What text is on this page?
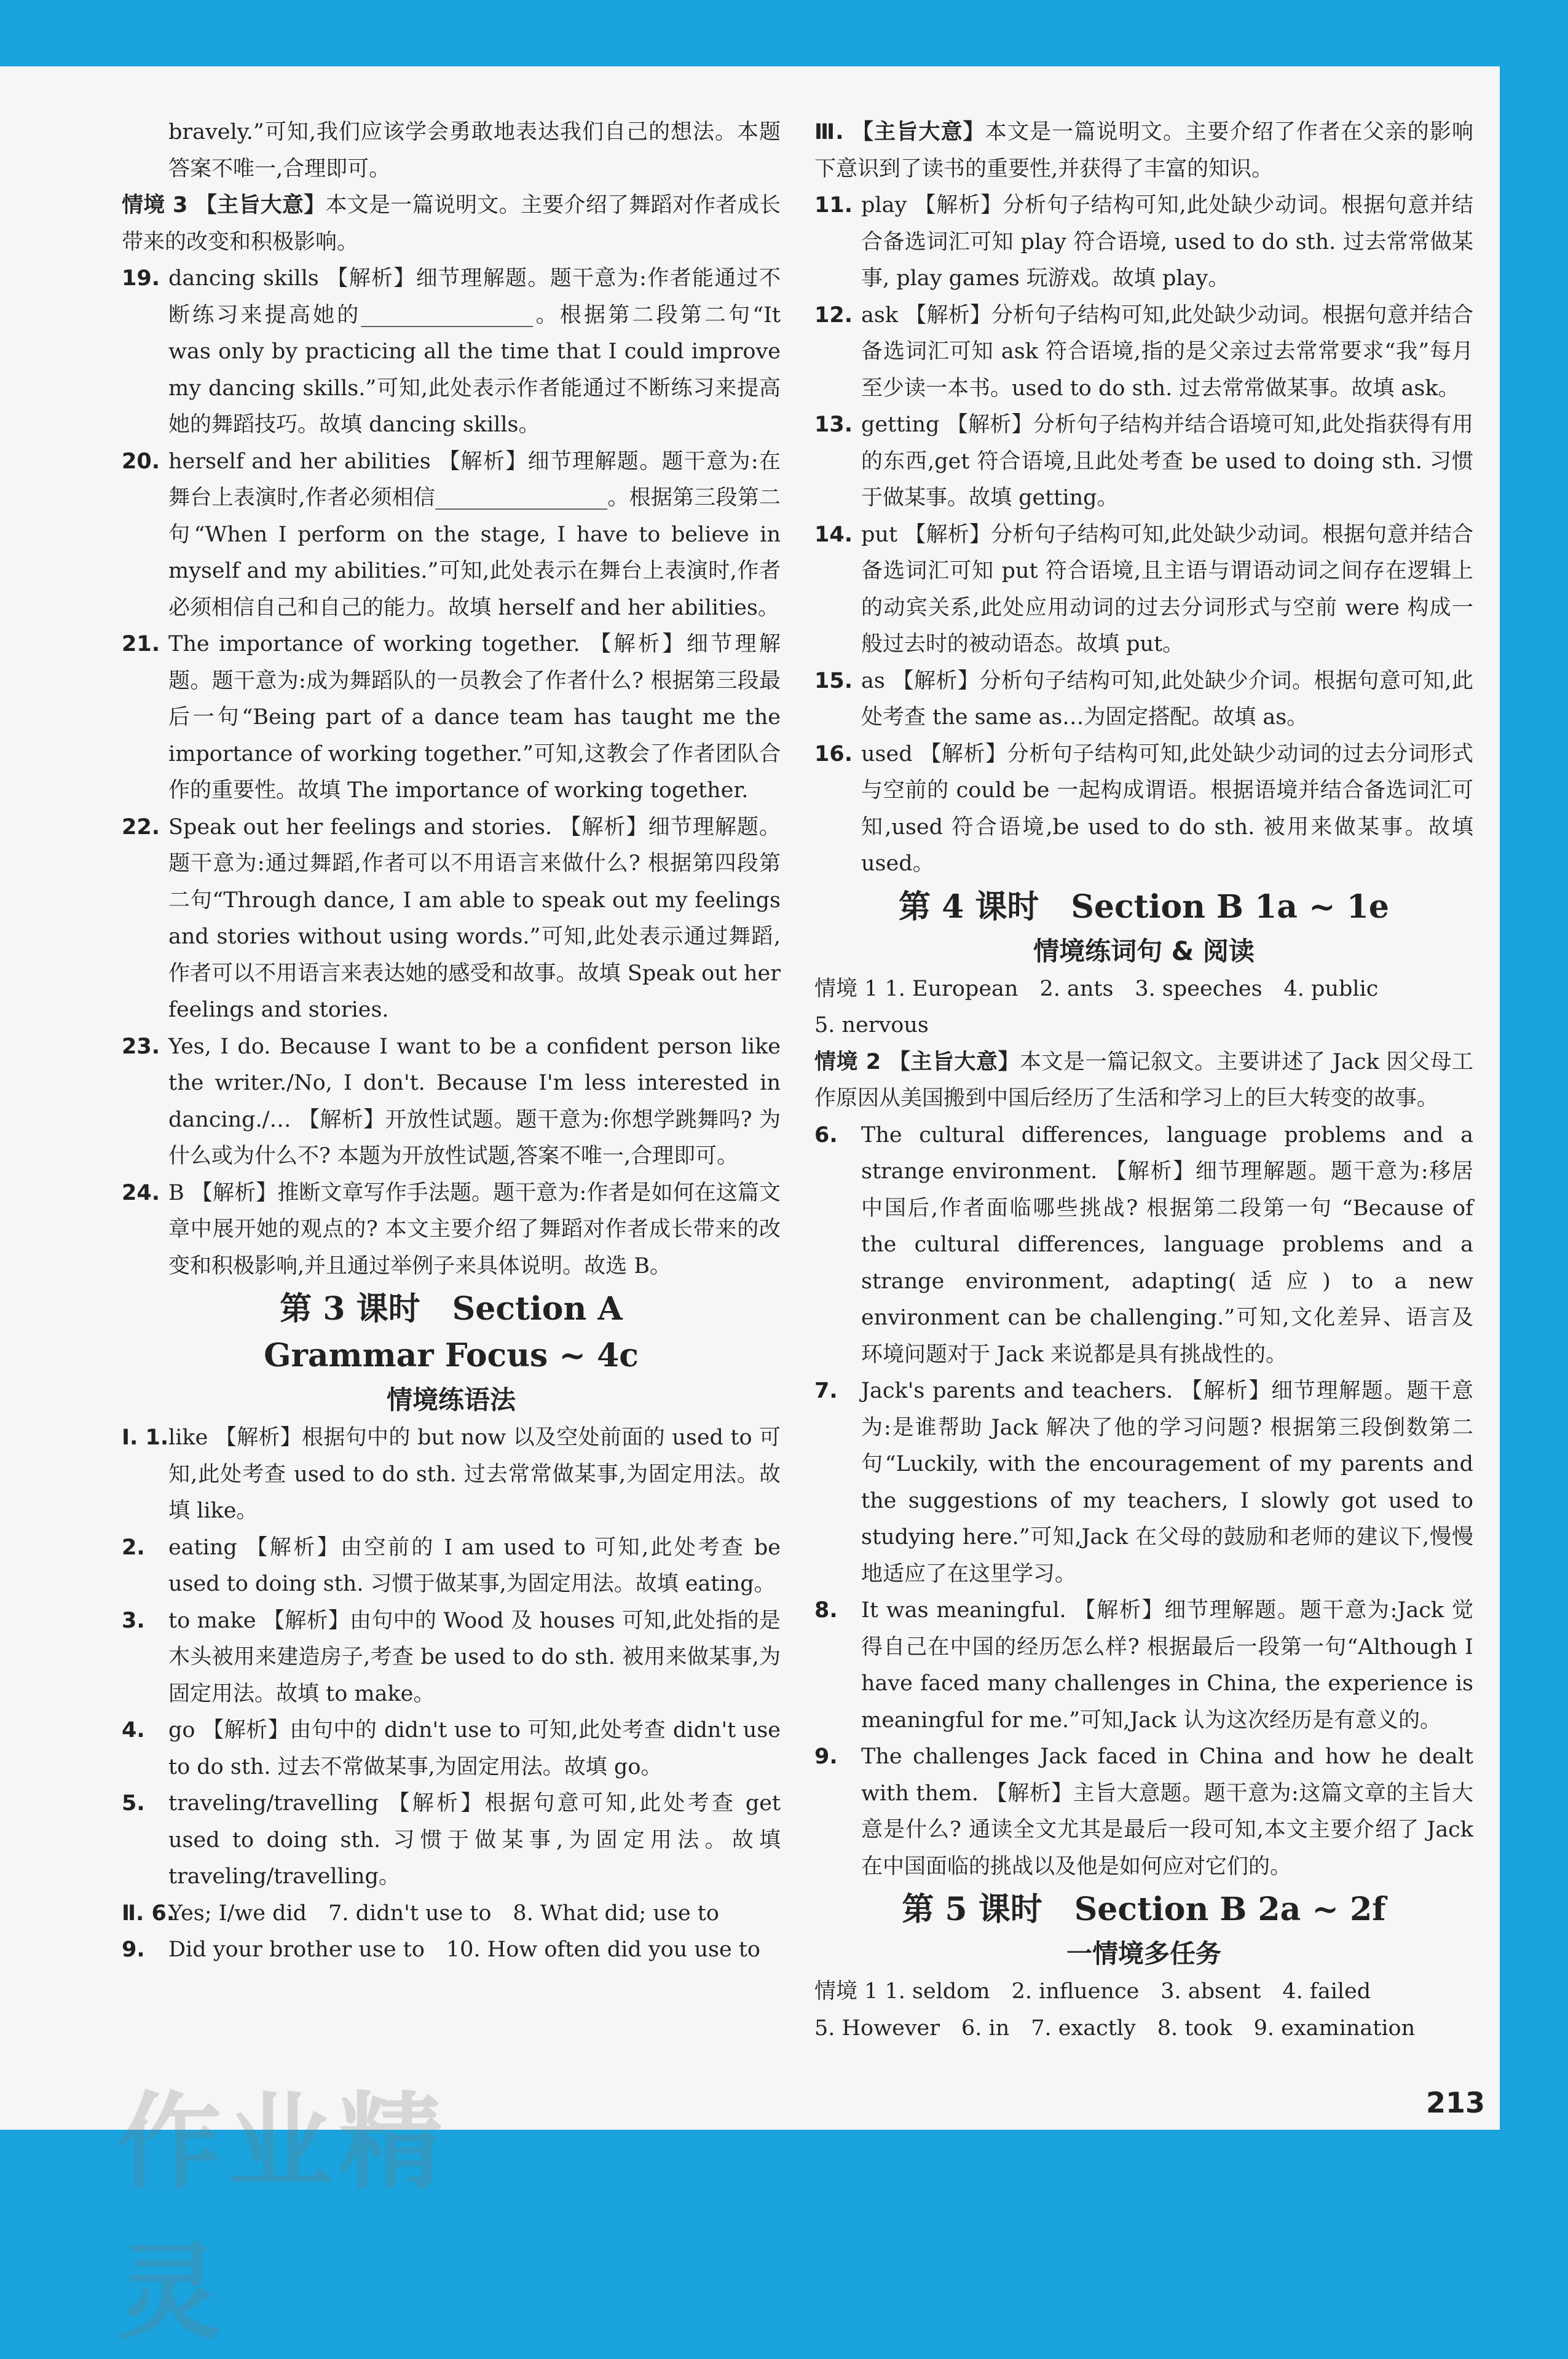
bravely.”可知,我们应该学会勇敢地表达我们自己的想法。本题答案不唯一,合理即可。

情境 3 【主旨大意】本文是一篇说明文。主要介绍了舞蹈对作者成长带来的改变和积极影响。

19. dancing skills 【解析】细节理解题。题干意为:作者能通过不断练习来提高她的________________。根据第二段第二句“It was only by practicing all the time that I could improve my dancing skills.”可知,此处表示作者能通过不断练习来提高她的舞蹈技巧。故填 dancing skills。

20. herself and her abilities 【解析】细节理解题。题干意为:在舞台上表演时,作者必须相信________________。根据第三段第二句“When I perform on the stage, I have to believe in myself and my abilities.”可知,此处表示在舞台上表演时,作者必须相信自己和自己的能力。故填 herself and her abilities。

21. The importance of working together. 【解析】细节理解题。题干意为:成为舞蹈队的一员教会了作者什么? 根据第三段最后一句“Being part of a dance team has taught me the importance of working together.”可知,这教会了作者团队合作的重要性。故填 The importance of working together.

22. Speak out her feelings and stories. 【解析】细节理解题。题干意为:通过舞蹈,作者可以不用语言来做什么? 根据第四段第二句“Through dance, I am able to speak out my feelings and stories without using words.”可知,此处表示通过舞蹈,作者可以不用语言来表达她的感受和故事。故填 Speak out her feelings and stories.

23. Yes, I do. Because I want to be a confident person like the writer./No, I don't. Because I'm less interested in dancing./… 【解析】开放性试题。题干意为:你想学跳舞吗? 为什么或为什么不? 本题为开放性试题,答案不唯一,合理即可。

24. B 【解析】推断文章写作手法题。题干意为:作者是如何在这篇文章中展开她的观点的? 本文主要介绍了舞蹈对作者成长带来的改变和积极影响,并且通过举例子来具体说明。故选 B。

第 3 课时　Section A
Grammar Focus ~ 4c
情境练语法

Ⅰ. 1. like 【解析】根据句中的 but now 以及空处前面的 used to 可知,此处考查 used to do sth. 过去常常做某事,为固定用法。故填 like。

2. eating 【解析】由空前的 I am used to 可知,此处考查 be used to doing sth. 习惯于做某事,为固定用法。故填 eating。

3. to make 【解析】由句中的 Wood 及 houses 可知,此处指的是木头被用来建造房子,考查 be used to do sth. 被用来做某事,为固定用法。故填 to make。

4. go 【解析】由句中的 didn't use to 可知,此处考查 didn't use to do sth. 过去不常做某事,为固定用法。故填 go。

5. traveling/travelling 【解析】根据句意可知,此处考查 get used to doing sth. 习惯于做某事,为固定用法。故填 traveling/travelling。

Ⅱ. 6.
Yes; I/we did　7. didn't use to　8. What did; use to

9. Did your brother use to　10. How often did you use to

Ⅲ. 【主旨大意】本文是一篇说明文。主要介绍了作者在父亲的影响下意识到了读书的重要性,并获得了丰富的知识。

11. play 【解析】分析句子结构可知,此处缺少动词。根据句意并结合备选词汇可知 play 符合语境, used to do sth. 过去常常做某事, play games 玩游戏。故填 play。

12. ask 【解析】分析句子结构可知,此处缺少动词。根据句意并结合备选词汇可知 ask 符合语境,指的是父亲过去常常要求“我”每月至少读一本书。used to do sth. 过去常常做某事。故填 ask。

13. getting 【解析】分析句子结构并结合语境可知,此处指获得有用的东西,get 符合语境,且此处考查 be used to doing sth. 习惯于做某事。故填 getting。

14. put 【解析】分析句子结构可知,此处缺少动词。根据句意并结合备选词汇可知 put 符合语境,且主语与谓语动词之间存在逻辑上的动宾关系,此处应用动词的过去分词形式与空前 were 构成一般过去时的被动语态。故填 put。

15. as 【解析】分析句子结构可知,此处缺少介词。根据句意可知,此处考查 the same as…为固定搭配。故填 as。

16. used 【解析】分析句子结构可知,此处缺少动词的过去分词形式与空前的 could be 一起构成谓语。根据语境并结合备选词汇可知,used 符合语境,be used to do sth. 被用来做某事。故填 used。

第 4 课时　Section B 1a ~ 1e
情境练词句 & 阅读

情境 1 1. European　2. ants　3. speeches　4. public

5. nervous

情境 2 【主旨大意】本文是一篇记叙文。主要讲述了 Jack 因父母工作原因从美国搬到中国后经历了生活和学习上的巨大转变的故事。

6. The cultural differences, language problems and a strange environment. 【解析】细节理解题。题干意为:移居中国后,作者面临哪些挑战? 根据第二段第一句 “Because of the cultural differences, language problems and a strange environment, adapting(适应) to a new environment can be challenging.”可知,文化差异、语言及环境问题对于 Jack 来说都是具有挑战性的。

7. Jack's parents and teachers. 【解析】细节理解题。题干意为:是谁帮助 Jack 解决了他的学习问题? 根据第三段倒数第二句“Luckily, with the encouragement of my parents and the suggestions of my teachers, I slowly got used to studying here.”可知,Jack 在父母的鼓励和老师的建议下,慢慢地适应了在这里学习。

8. It was meaningful. 【解析】细节理解题。题干意为:Jack 觉得自己在中国的经历怎么样? 根据最后一段第一句“Although I have faced many challenges in China, the experience is meaningful for me.”可知,Jack 认为这次经历是有意义的。

9. The challenges Jack faced in China and how he dealt with them. 【解析】主旨大意题。题干意为:这篇文章的主旨大意是什么? 通读全文尤其是最后一段可知,本文主要介绍了 Jack 在中国面临的挑战以及他是如何应对它们的。

第 5 课时　Section B 2a ~ 2f
一情境多任务

情境 1 1. seldom　2. influence　3. absent　4. failed

5. However　6. in　7. exactly　8. took　9. examination

作业精灵
213
